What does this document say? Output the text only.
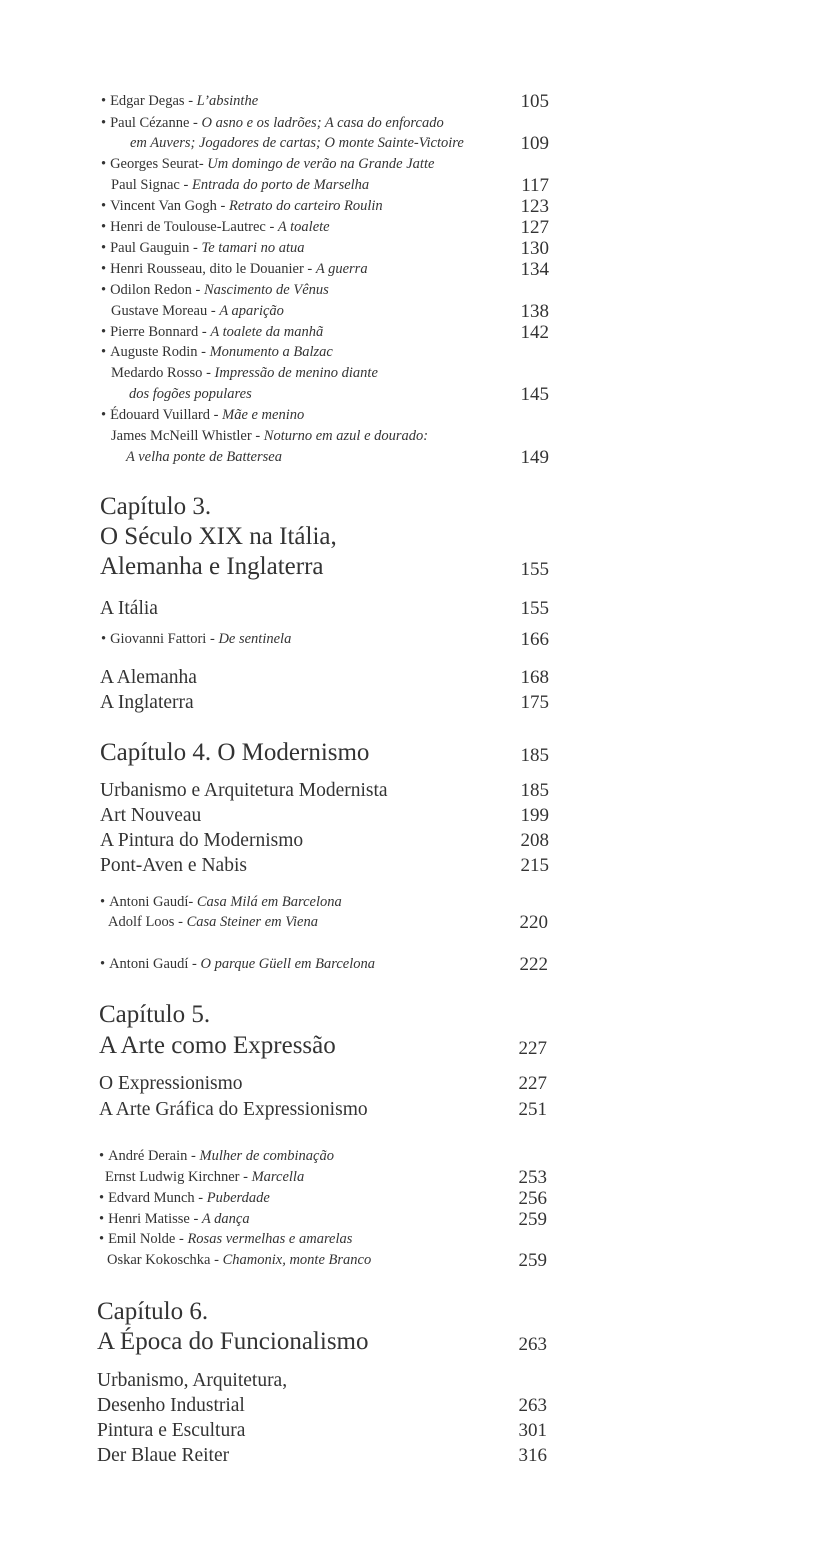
• Edgar Degas - L’absinthe	105
• Paul Cézanne - O asno e os ladrões; A casa do enforcado
em Auvers; Jogadores de cartas; O monte Sainte-Victoire	109
• Georges Seurat- Um domingo de verão na Grande Jatte
Paul Signac - Entrada do porto de Marselha	117
• Vincent Van Gogh - Retrato do carteiro Roulin	123
• Henri de Toulouse-Lautrec - A toalete	127
• Paul Gauguin - Te tamari no atua	130
• Henri Rousseau, dito le Douanier - A guerra	134
• Odilon Redon - Nascimento de Vênus
Gustave Moreau - A aparição	138
• Pierre Bonnard - A toalete da manhã	142
• Auguste Rodin - Monumento a Balzac
Medardo Rosso - Impressão de menino diante
dos fogões populares	145
• Édouard Vuillard - Mãe e menino
James McNeill Whistler - Noturno em azul e dourado:
A velha ponte de Battersea	149
Capítulo 3.
O Século XIX na Itália,
Alemanha e Inglaterra	155
A Itália	155
• Giovanni Fattori - De sentinela	166
A Alemanha	168
A Inglaterra	175
Capítulo 4. O Modernismo	185
Urbanismo e Arquitetura Modernista	185
Art Nouveau	199
A Pintura do Modernismo	208
Pont-Aven e Nabis	215
• Antoni Gaudí- Casa Milá em Barcelona
Adolf Loos - Casa Steiner em Viena	220
• Antoni Gaudí - O parque Güell em Barcelona	222
Capítulo 5.
A Arte como Expressão	227
O Expressionismo	227
A Arte Gráfica do Expressionismo	251
• André Derain - Mulher de combinação
Ernst Ludwig Kirchner - Marcella	253
• Edvard Munch - Puberdade	256
• Henri Matisse - A dança	259
• Emil Nolde - Rosas vermelhas e amarelas
Oskar Kokoschka - Chamonix, monte Branco	259
Capítulo 6.
A Época do Funcionalismo	263
Urbanismo, Arquitetura,
Desenho Industrial	263
Pintura e Escultura	301
Der Blaue Reiter	316
